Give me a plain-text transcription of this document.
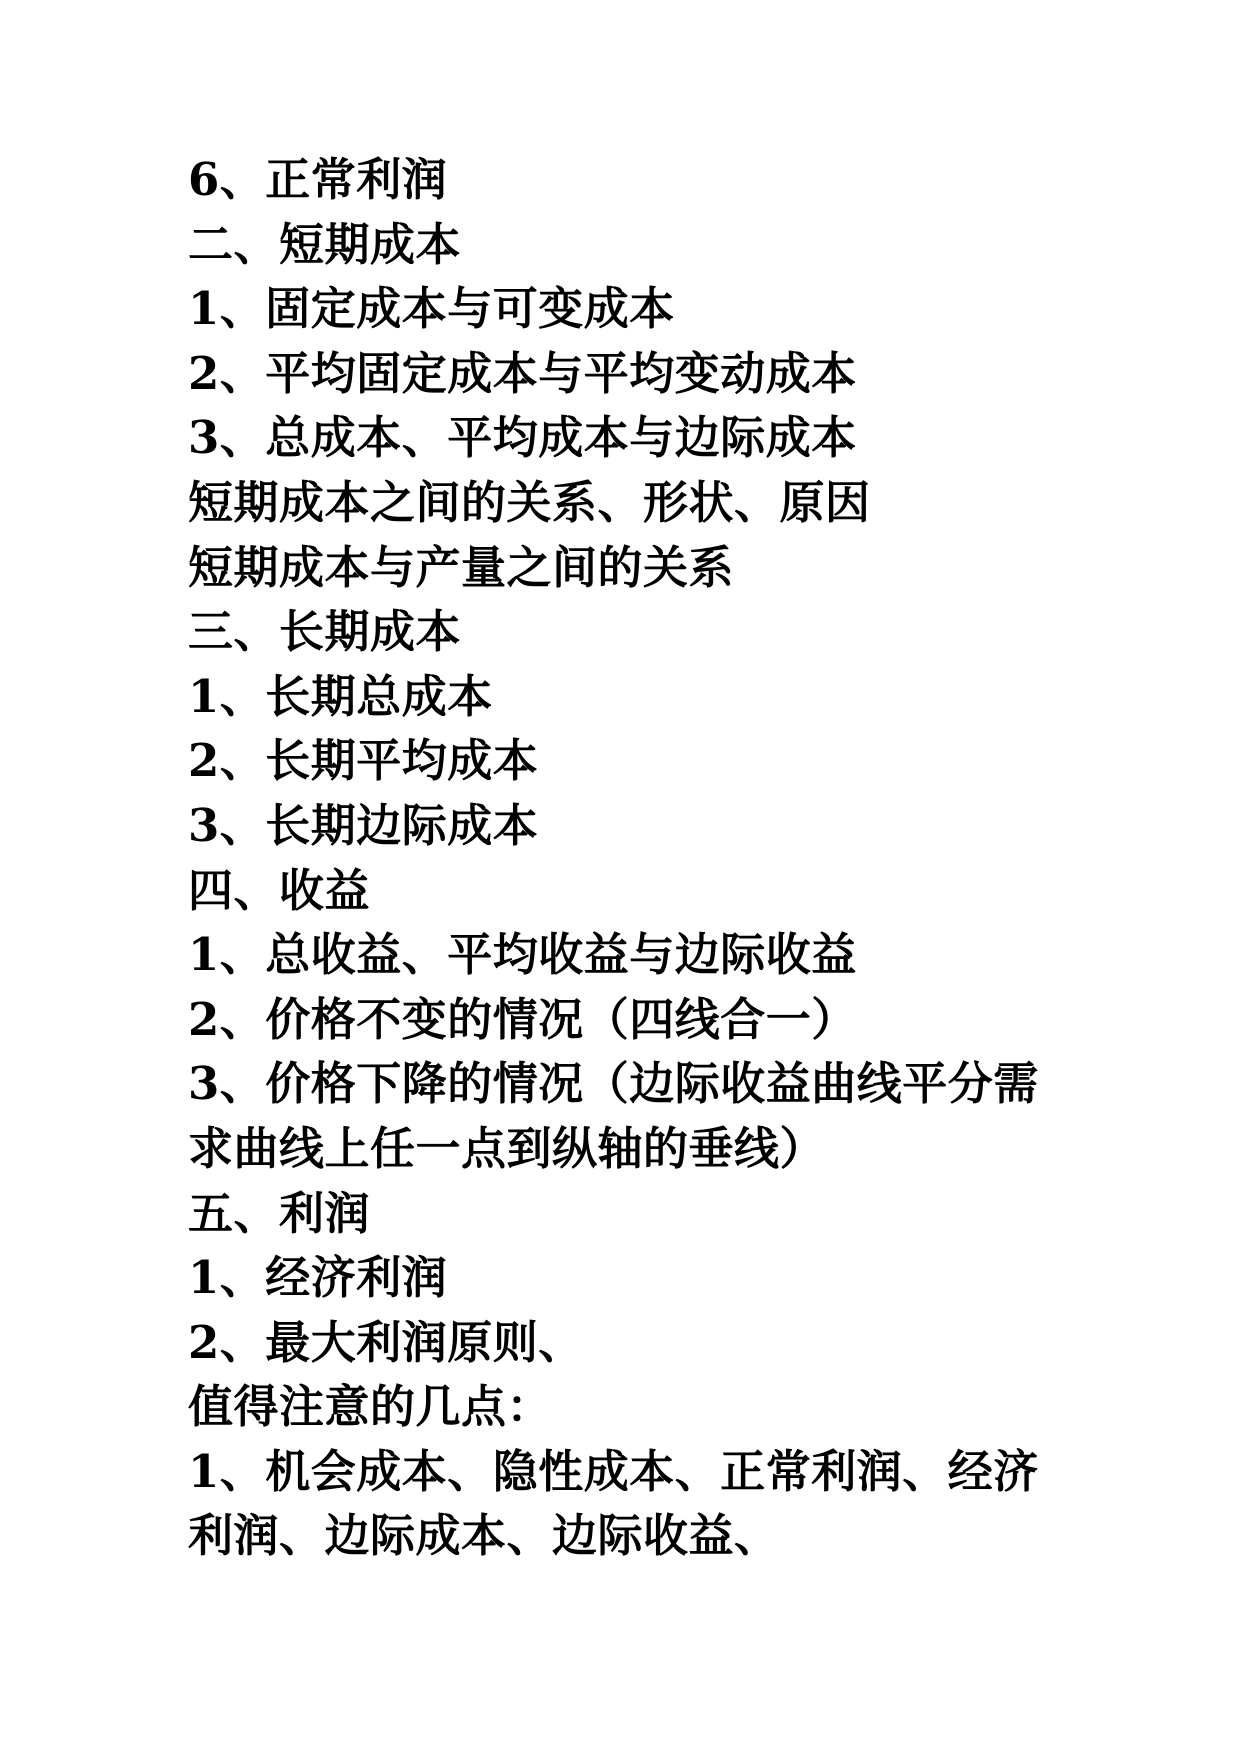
6、正常利润
二、短期成本
1、固定成本与可变成本
2、平均固定成本与平均变动成本
3、总成本、平均成本与边际成本
短期成本之间的关系、形状、原因
短期成本与产量之间的关系
三、长期成本
1、长期总成本
2、长期平均成本
3、长期边际成本
四、收益
1、总收益、平均收益与边际收益
2、价格不变的情况（四线合一）
3、价格下降的情况（边际收益曲线平分需
求曲线上任一点到纵轴的垂线）
五、利润
1、经济利润
2、最大利润原则、
值得注意的几点：
1、机会成本、隐性成本、正常利润、经济
利润、边际成本、边际收益、
